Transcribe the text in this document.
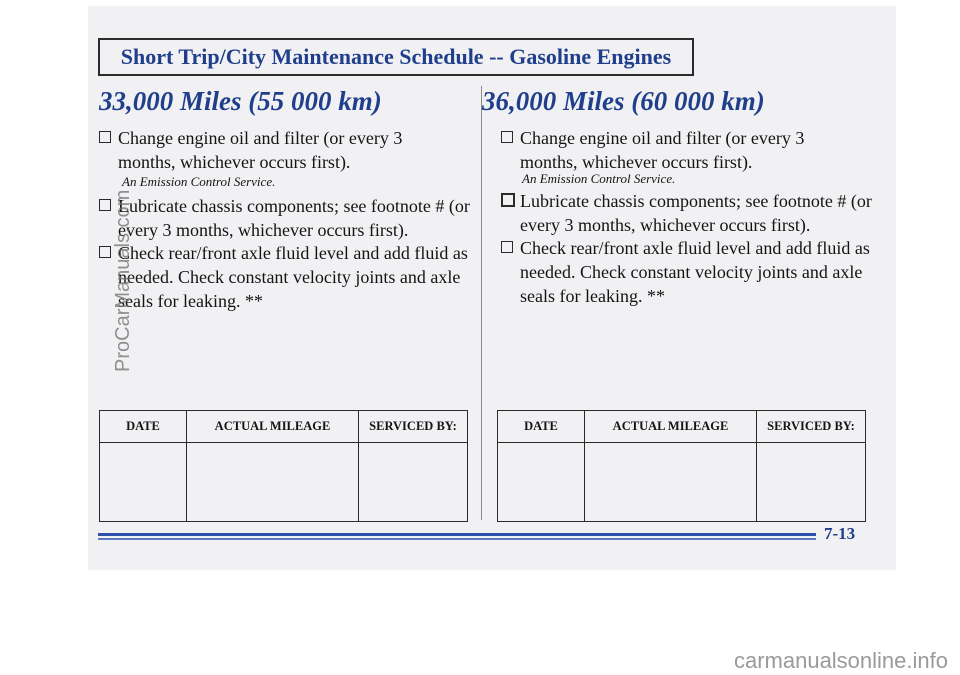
Short Trip/City Maintenance Schedule -- Gasoline Engines
33,000 Miles (55 000 km)
Change engine oil and filter (or every 3 months, whichever occurs first).
An Emission Control Service.
Lubricate chassis components; see footnote # (or every 3 months, whichever occurs first).
Check rear/front axle fluid level and add fluid as needed. Check constant velocity joints and axle seals for leaking. **
DATE	ACTUAL MILEAGE	SERVICED BY:

36,000 Miles (60 000 km)
Change engine oil and filter (or every 3 months, whichever occurs first).
An Emission Control Service.
Lubricate chassis components; see footnote # (or every 3 months, whichever occurs first).
Check rear/front axle fluid level and add fluid as needed. Check constant velocity joints and axle seals for leaking. **
DATE	ACTUAL MILEAGE	SERVICED BY:

7-13
ProCarManuals.com
carmanualsonline.info
